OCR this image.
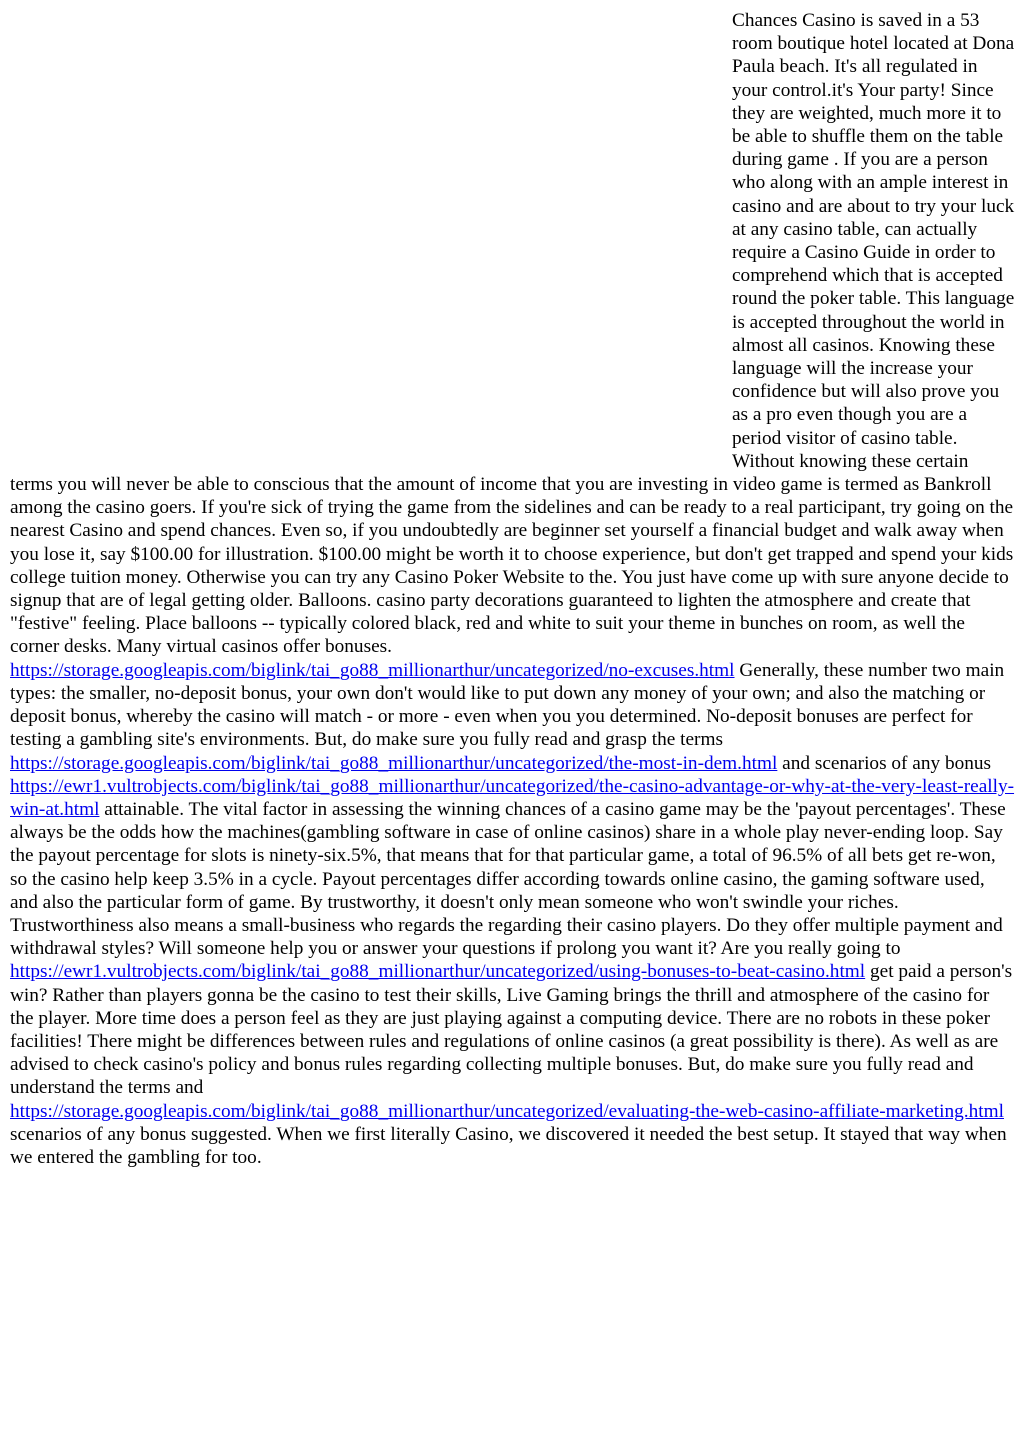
Chances Casino is saved in a 53 room boutique hotel located at Dona Paula beach. It's all regulated in your control.it's Your party! Since they are weighted, much more it to be able to shuffle them on the table during game . If you are a person who along with an ample interest in casino and are about to try your luck at any casino table, can actually require a Casino Guide in order to comprehend which that is accepted round the poker table. This language is accepted throughout the world in almost all casinos. Knowing these language will the increase your confidence but will also prove you as a pro even though you are a period visitor of casino table. Without knowing these certain terms you will never be able to conscious that the amount of income that you are investing in video game is termed as Bankroll among the casino goers. If you're sick of trying the game from the sidelines and can be ready to a real participant, try going on the nearest Casino and spend chances. Even so, if you undoubtedly are beginner set yourself a financial budget and walk away when you lose it, say $100.00 for illustration. $100.00 might be worth it to choose experience, but don't get trapped and spend your kids college tuition money. Otherwise you can try any Casino Poker Website to the. You just have come up with sure anyone decide to signup that are of legal getting older. Balloons. casino party decorations guaranteed to lighten the atmosphere and create that "festive" feeling. Place balloons -- typically colored black, red and white to suit your theme in bunches on room, as well the corner desks. Many virtual casinos offer bonuses.
https://storage.googleapis.com/biglink/tai_go88_millionarthur/uncategorized/no-excuses.html Generally, these number two main types: the smaller, no-deposit bonus, your own don't would like to put down any money of your own; and also the matching or deposit bonus, whereby the casino will match - or more - even when you you determined. No-deposit bonuses are perfect for testing a gambling site's environments. But, do make sure you fully read and grasp the terms
https://storage.googleapis.com/biglink/tai_go88_millionarthur/uncategorized/the-most-in-dem.html and scenarios of any bonus https://ewr1.vultrobjects.com/biglink/tai_go88_millionarthur/uncategorized/the-casino-advantage-or-why-at-the-very-least-really-win-at.html attainable. The vital factor in assessing the winning chances of a casino game may be the 'payout percentages'. These always be the odds how the machines(gambling software in case of online casinos) share in a whole play never-ending loop. Say the payout percentage for slots is ninety-six.5%, that means that for that particular game, a total of 96.5% of all bets get re-won, so the casino help keep 3.5% in a cycle. Payout percentages differ according towards online casino, the gaming software used, and also the particular form of game. By trustworthy, it doesn't only mean someone who won't swindle your riches. Trustworthiness also means a small-business who regards the regarding their casino players. Do they offer multiple payment and withdrawal styles? Will someone help you or answer your questions if prolong you want it? Are you really going to
https://ewr1.vultrobjects.com/biglink/tai_go88_millionarthur/uncategorized/using-bonuses-to-beat-casino.html get paid a person's win? Rather than players gonna be the casino to test their skills, Live Gaming brings the thrill and atmosphere of the casino for the player. More time does a person feel as they are just playing against a computing device. There are no robots in these poker facilities! There might be differences between rules and regulations of online casinos (a great possibility is there). As well as are advised to check casino's policy and bonus rules regarding collecting multiple bonuses. But, do make sure you fully read and understand the terms and
https://storage.googleapis.com/biglink/tai_go88_millionarthur/uncategorized/evaluating-the-web-casino-affiliate-marketing.html scenarios of any bonus suggested. When we first literally Casino, we discovered it needed the best setup. It stayed that way when we entered the gambling for too.
